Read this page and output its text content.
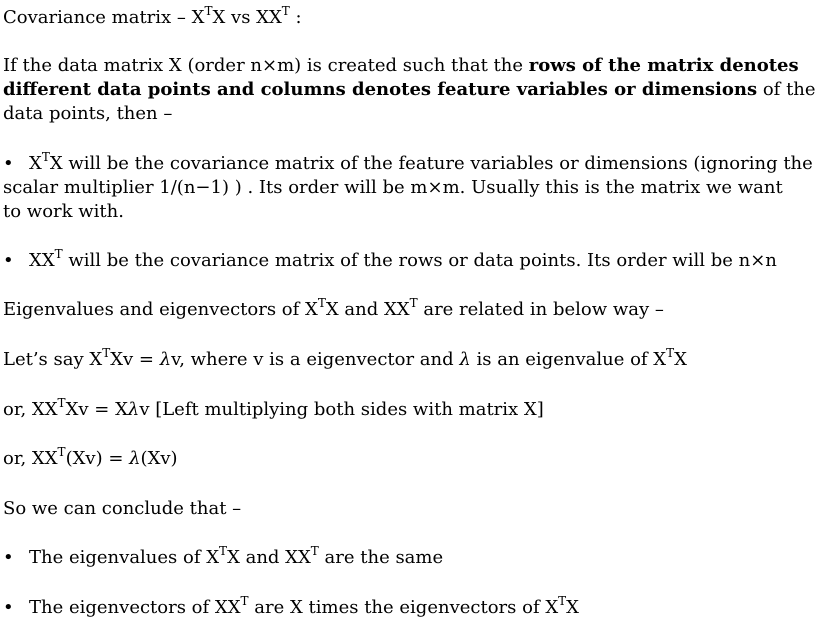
Covariance matrix – $X^TX$ vs $XX^T$ :
If the data matrix X (order n×m) is created such that the rows of the matrix denotes
different data points and columns denotes feature variables or dimensions of the
data points, then –
• $X^TX$ will be the covariance matrix of the feature variables or dimensions (ignoring the
scalar multiplier 1/(n−1) ) . Its order will be m×m. Usually this is the matrix we want
to work with.
• $XX^T$ will be the covariance matrix of the rows or data points. Its order will be n×n
Eigenvalues and eigenvectors of $X^TX$ and $XX^T$ are related in below way –
Let’s say $X^TXv = \lambda v$, where v is a eigenvector and λ is an eigenvalue of $X^TX$
or, $XX^TXv = X\lambda v$ [Left multiplying both sides with matrix X]
or, $XX^T(Xv) = \lambda(Xv)$
So we can conclude that –
• The eigenvalues of $X^TX$ and $XX^T$ are the same
• The eigenvectors of $XX^T$ are X times the eigenvectors of $X^TX$
